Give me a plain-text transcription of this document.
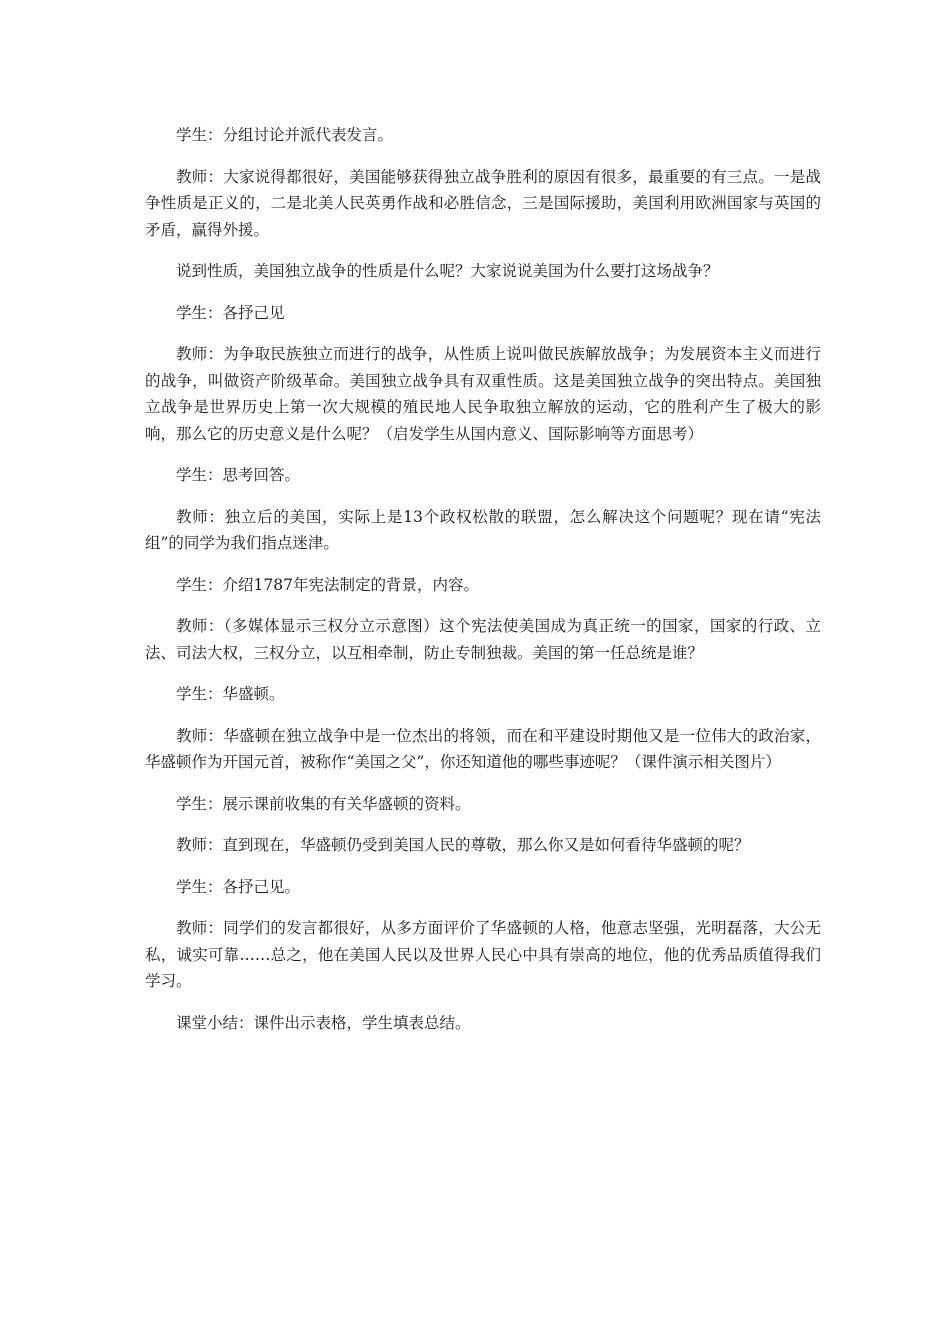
学生：分组讨论并派代表发言。

教师：大家说得都很好，美国能够获得独立战争胜利的原因有很多，最重要的有三点。一是战争性质是正义的，二是北美人民英勇作战和必胜信念，三是国际援助，美国利用欧洲国家与英国的矛盾，赢得外援。

说到性质，美国独立战争的性质是什么呢？大家说说美国为什么要打这场战争？

学生：各抒己见

教师：为争取民族独立而进行的战争，从性质上说叫做民族解放战争；为发展资本主义而进行的战争，叫做资产阶级革命。美国独立战争具有双重性质。这是美国独立战争的突出特点。美国独立战争是世界历史上第一次大规模的殖民地人民争取独立解放的运动，它的胜利产生了极大的影响，那么它的历史意义是什么呢？（启发学生从国内意义、国际影响等方面思考）

学生：思考回答。

教师：独立后的美国，实际上是13个政权松散的联盟，怎么解决这个问题呢？现在请“宪法组”的同学为我们指点迷津。

学生：介绍1787年宪法制定的背景，内容。

教师：（多媒体显示三权分立示意图）这个宪法使美国成为真正统一的国家，国家的行政、立法、司法大权，三权分立，以互相牵制，防止专制独裁。美国的第一任总统是谁？

学生：华盛顿。

教师：华盛顿在独立战争中是一位杰出的将领，而在和平建设时期他又是一位伟大的政治家，华盛顿作为开国元首，被称作“美国之父”，你还知道他的哪些事迹呢？（课件演示相关图片）

学生：展示课前收集的有关华盛顿的资料。

教师：直到现在，华盛顿仍受到美国人民的尊敬，那么你又是如何看待华盛顿的呢？

学生：各抒己见。

教师：同学们的发言都很好，从多方面评价了华盛顿的人格，他意志坚强，光明磊落，大公无私，诚实可靠……总之，他在美国人民以及世界人民心中具有崇高的地位，他的优秀品质值得我们学习。

课堂小结：课件出示表格，学生填表总结。
